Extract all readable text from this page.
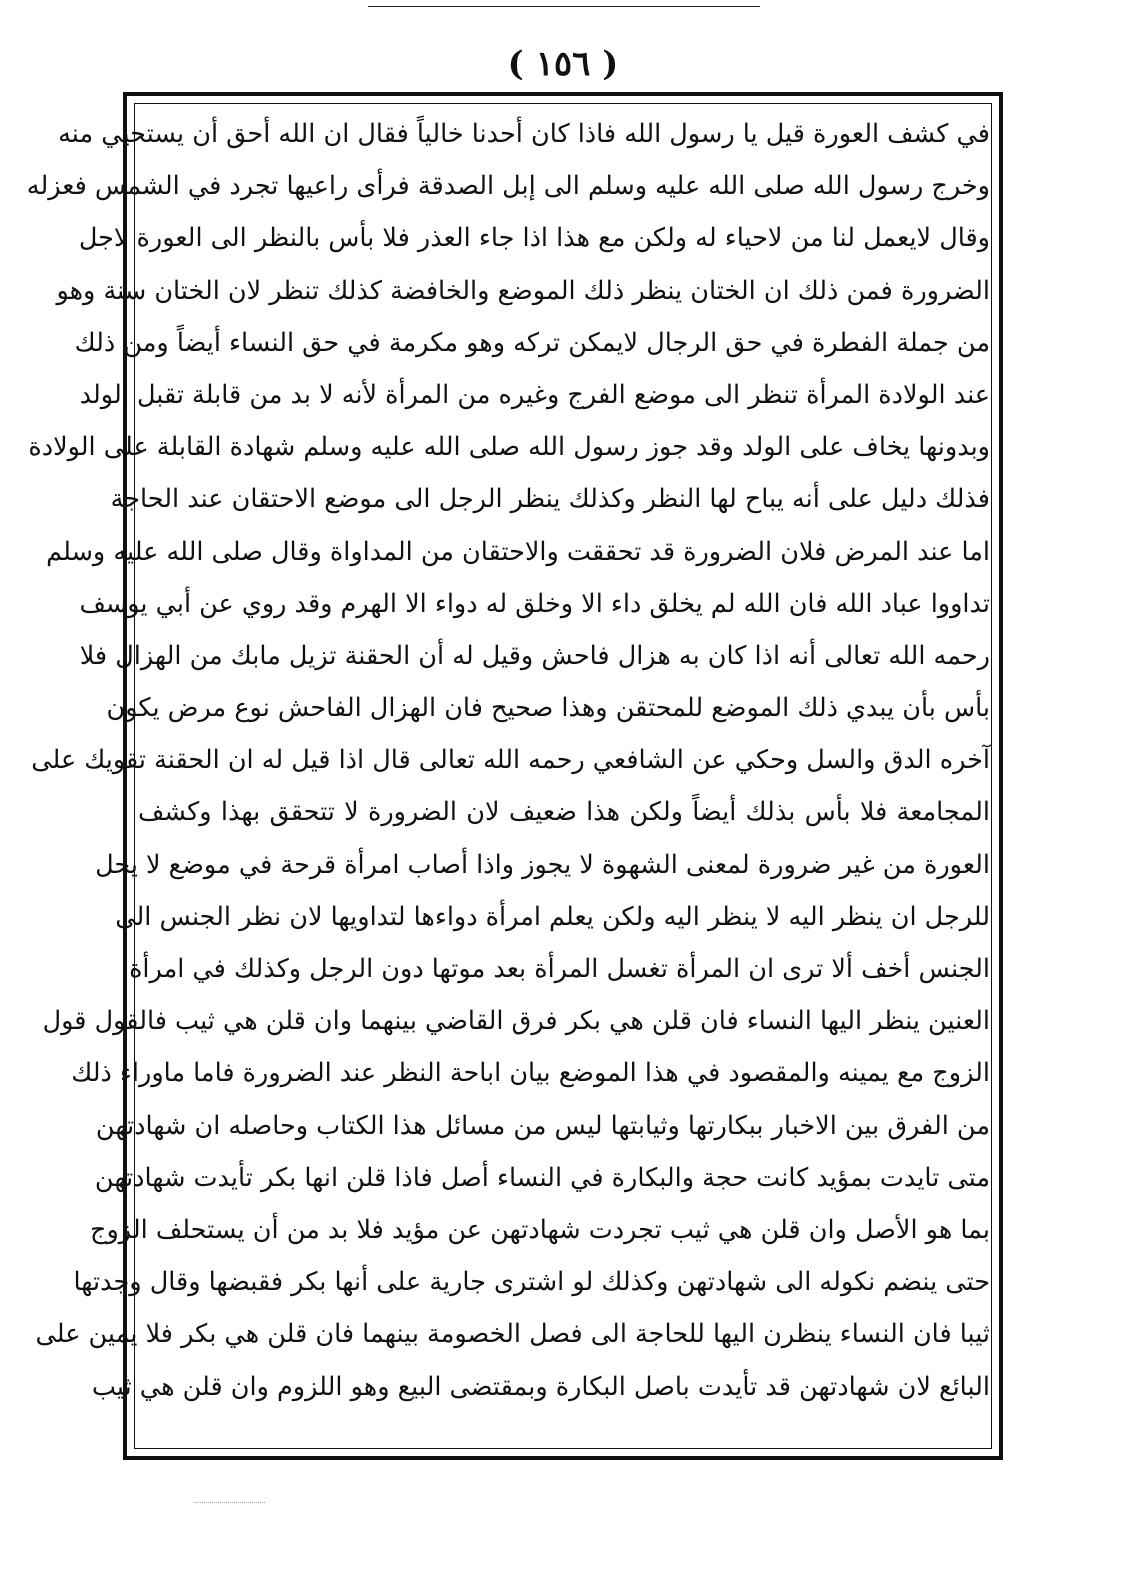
( ١٥٦ )
في كشف العورة قيل يا رسول الله فاذا كان أحدنا خالياً فقال ان الله أحق أن يستحيي منه
وخرج رسول الله صلى الله عليه وسلم الى إبل الصدقة فرأى راعيها تجرد في الشمس فعزله
وقال لايعمل لنا من لاحياء له ولكن مع هذا اذا جاء العذر فلا بأس بالنظر الى العورة لاجل
الضرورة فمن ذلك ان الختان ينظر ذلك الموضع والخافضة كذلك تنظر لان الختان سنة وهو
من جملة الفطرة في حق الرجال لايمكن تركه وهو مكرمة في حق النساء أيضاً ومن ذلك
عند الولادة المرأة تنظر الى موضع الفرج وغيره من المرأة لأنه لا بد من قابلة تقبل الولد
وبدونها يخاف على الولد وقد جوز رسول الله صلى الله عليه وسلم شهادة القابلة على الولادة
فذلك دليل على أنه يباح لها النظر وكذلك ينظر الرجل الى موضع الاحتقان عند الحاجة
اما عند المرض فلان الضرورة قد تحققت والاحتقان من المداواة وقال صلى الله عليه وسلم
تداووا عباد الله فان الله لم يخلق داء الا وخلق له دواء الا الهرم وقد روي عن أبي يوسف
رحمه الله تعالى أنه اذا كان به هزال فاحش وقيل له أن الحقنة تزيل مابك من الهزال فلا
بأس بأن يبدي ذلك الموضع للمحتقن وهذا صحيح فان الهزال الفاحش نوع مرض يكون
آخره الدق والسل وحكي عن الشافعي رحمه الله تعالى قال اذا قيل له ان الحقنة تقويك على
المجامعة فلا بأس بذلك أيضاً ولكن هذا ضعيف لان الضرورة لا تتحقق بهذا وكشف
العورة من غير ضرورة لمعنى الشهوة لا يجوز واذا أصاب امرأة قرحة في موضع لا يحل
للرجل ان ينظر اليه لا ينظر اليه ولكن يعلم امرأة دواءها لتداويها لان نظر الجنس الى
الجنس أخف ألا ترى ان المرأة تغسل المرأة بعد موتها دون الرجل وكذلك في امرأة
العنين ينظر اليها النساء فان قلن هي بكر فرق القاضي بينهما وان قلن هي ثيب فالقول قول
الزوج مع يمينه والمقصود في هذا الموضع بيان اباحة النظر عند الضرورة فاما ماوراء ذلك
من الفرق بين الاخبار ببكارتها وثيابتها ليس من مسائل هذا الكتاب وحاصله ان شهادتهن
متى تايدت بمؤيد كانت حجة والبكارة في النساء أصل فاذا قلن انها بكر تأيدت شهادتهن
بما هو الأصل وان قلن هي ثيب تجردت شهادتهن عن مؤيد فلا بد من أن يستحلف الزوج
حتى ينضم نكوله الى شهادتهن وكذلك لو اشترى جارية على أنها بكر فقبضها وقال وجدتها
ثيبا فان النساء ينظرن اليها للحاجة الى فصل الخصومة بينهما فان قلن هي بكر فلا يمين على
البائع لان شهادتهن قد تأيدت باصل البكارة وبمقتضى البيع وهو اللزوم وان قلن هي ثيب
